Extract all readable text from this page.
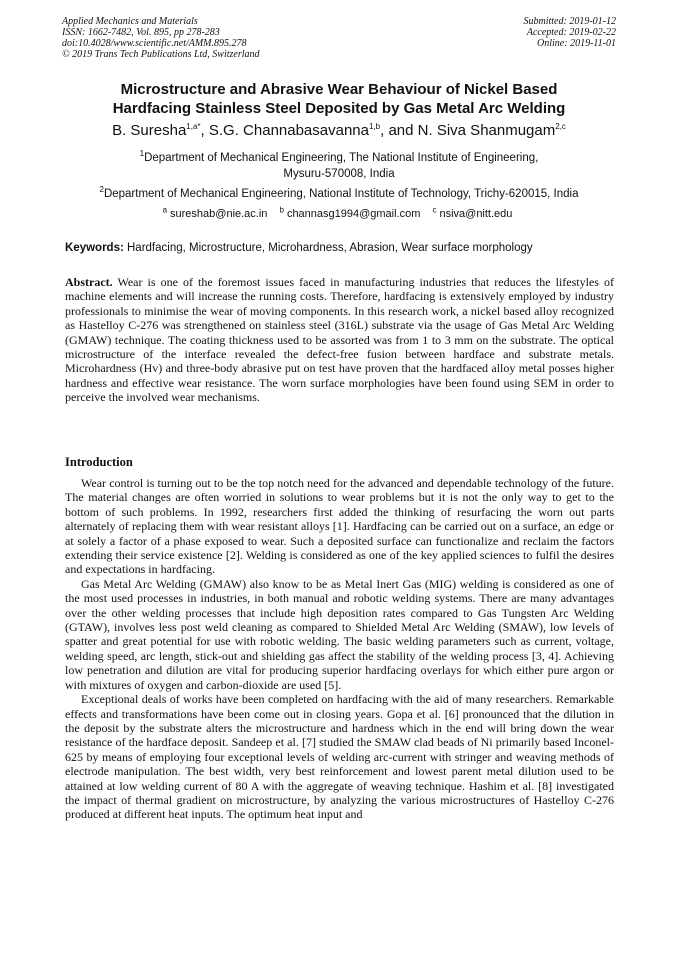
Applied Mechanics and Materials
ISSN: 1662-7482, Vol. 895, pp 278-283
doi:10.4028/www.scientific.net/AMM.895.278
© 2019 Trans Tech Publications Ltd, Switzerland
Submitted: 2019-01-12
Accepted: 2019-02-22
Online: 2019-11-01
Microstructure and Abrasive Wear Behaviour of Nickel Based
Hardfacing Stainless Steel Deposited by Gas Metal Arc Welding
B. Suresha$^{1,a*}$, S.G. Channabasavanna$^{1,b}$, and N. Siva Shanmugam$^{2,c}$
$^1$Department of Mechanical Engineering, The National Institute of Engineering,
Mysuru-570008, India
$^2$Department of Mechanical Engineering, National Institute of Technology, Trichy-620015, India
$^a$ sureshab@nie.ac.in $^b$ channasg1994@gmail.com $^c$ nsiva@nitt.edu
Keywords: Hardfacing, Microstructure, Microhardness, Abrasion, Wear surface morphology
Abstract. Wear is one of the foremost issues faced in manufacturing industries that reduces the lifestyles of machine elements and will increase the running costs. Therefore, hardfacing is extensively employed by industry professionals to minimise the wear of moving components. In this research work, a nickel based alloy recognized as Hastelloy C-276 was strengthened on stainless steel (316L) substrate via the usage of Gas Metal Arc Welding (GMAW) technique. The coating thickness used to be assorted was from 1 to 3 mm on the substrate. The optical microstructure of the interface revealed the defect-free fusion between hardface and substrate metals. Microhardness (Hv) and three-body abrasive put on test have proven that the hardfaced alloy metal posses higher hardness and effective wear resistance. The worn surface morphologies have been found using SEM in order to perceive the involved wear mechanisms.
Introduction

Wear control is turning out to be the top notch need for the advanced and dependable technology of the future. The material changes are often worried in solutions to wear problems but it is not the only way to get to the bottom of such problems. In 1992, researchers first added the thinking of resurfacing the worn out parts alternately of replacing them with wear resistant alloys [1]. Hardfacing can be carried out on a surface, an edge or at solely a factor of a phase exposed to wear. Such a deposited surface can functionalize and reclaim the factors extending their service existence [2]. Welding is considered as one of the key applied sciences to fulfil the desires and expectations in hardfacing.

Gas Metal Arc Welding (GMAW) also know to be as Metal Inert Gas (MIG) welding is considered as one of the most used processes in industries, in both manual and robotic welding systems. There are many advantages over the other welding processes that include high deposition rates compared to Gas Tungsten Arc Welding (GTAW), involves less post weld cleaning as compared to Shielded Metal Arc Welding (SMAW), low levels of spatter and great potential for use with robotic welding. The basic welding parameters such as current, voltage, welding speed, arc length, stick-out and shielding gas affect the stability of the welding process [3, 4]. Achieving low penetration and dilution are vital for producing superior hardfacing overlays for which either pure argon or with mixtures of oxygen and carbon-dioxide are used [5].

Exceptional deals of works have been completed on hardfacing with the aid of many researchers. Remarkable effects and transformations have been come out in closing years. Gopa et al. [6] pronounced that the dilution in the deposit by the substrate alters the microstructure and hardness which in the end will bring down the wear resistance of the hardface deposit. Sandeep et al. [7] studied the SMAW clad beads of Ni primarily based Inconel-625 by means of employing four exceptional levels of welding arc-current with stringer and weaving methods of electrode manipulation. The best width, very best reinforcement and lowest parent metal dilution used to be attained at low welding current of 80 A with the aggregate of weaving technique. Hashim et al. [8] investigated the impact of thermal gradient on microstructure, by analyzing the various microstructures of Hastelloy C-276 produced at different heat inputs. The optimum heat input and
